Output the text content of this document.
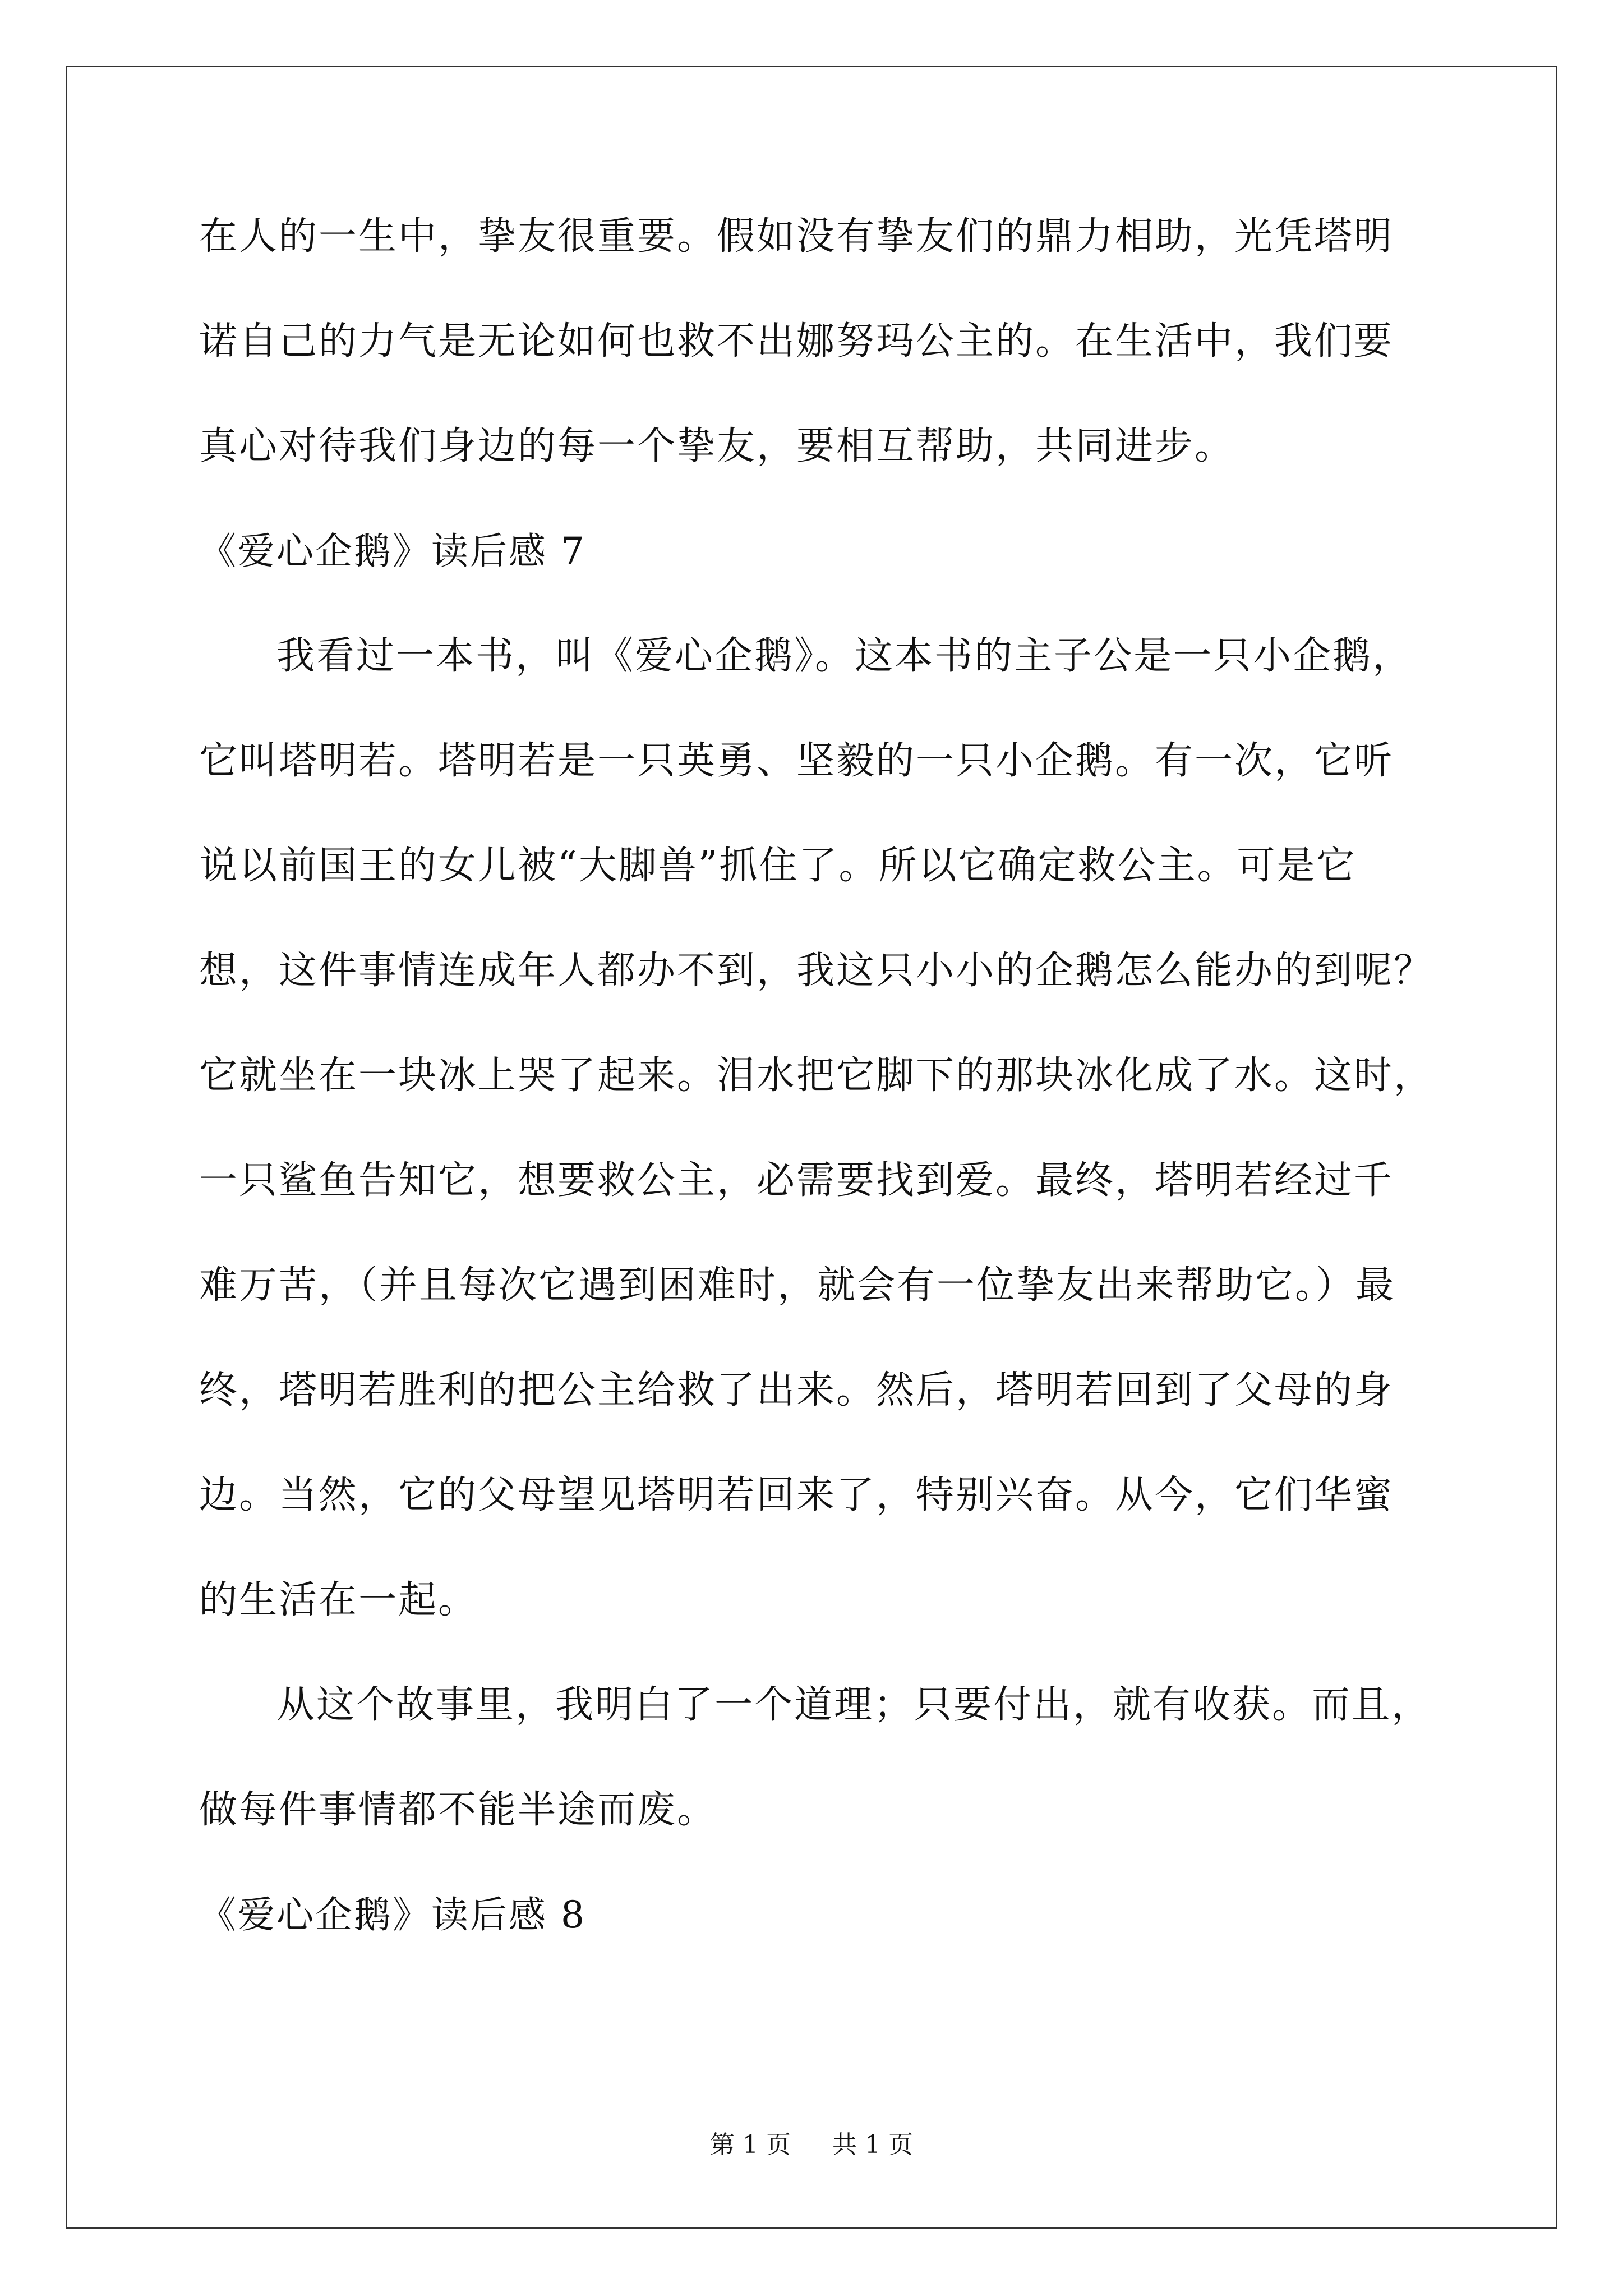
在人的一生中，挚友很重要。假如没有挚友们的鼎力相助，光凭塔明

诺自己的力气是无论如何也救不出娜努玛公主的。在生活中，我们要

真心对待我们身边的每一个挚友，要相互帮助，共同进步。

《爱心企鹅》读后感 7

我看过一本书，叫《爱心企鹅》。这本书的主子公是一只小企鹅，

它叫塔明若。塔明若是一只英勇、坚毅的一只小企鹅。有一次，它听

说以前国王的女儿被“大脚兽”抓住了。所以它确定救公主。可是它

想，这件事情连成年人都办不到，我这只小小的企鹅怎么能办的到呢？

它就坐在一块冰上哭了起来。泪水把它脚下的那块冰化成了水。这时，

一只鲨鱼告知它，想要救公主，必需要找到爱。最终，塔明若经过千

难万苦，（并且每次它遇到困难时，就会有一位挚友出来帮助它。）最

终，塔明若胜利的把公主给救了出来。然后，塔明若回到了父母的身

边。当然，它的父母望见塔明若回来了，特别兴奋。从今，它们华蜜

的生活在一起。

从这个故事里，我明白了一个道理；只要付出，就有收获。而且，

做每件事情都不能半途而废。

《爱心企鹅》读后感 8

第 1 页 共 1 页
